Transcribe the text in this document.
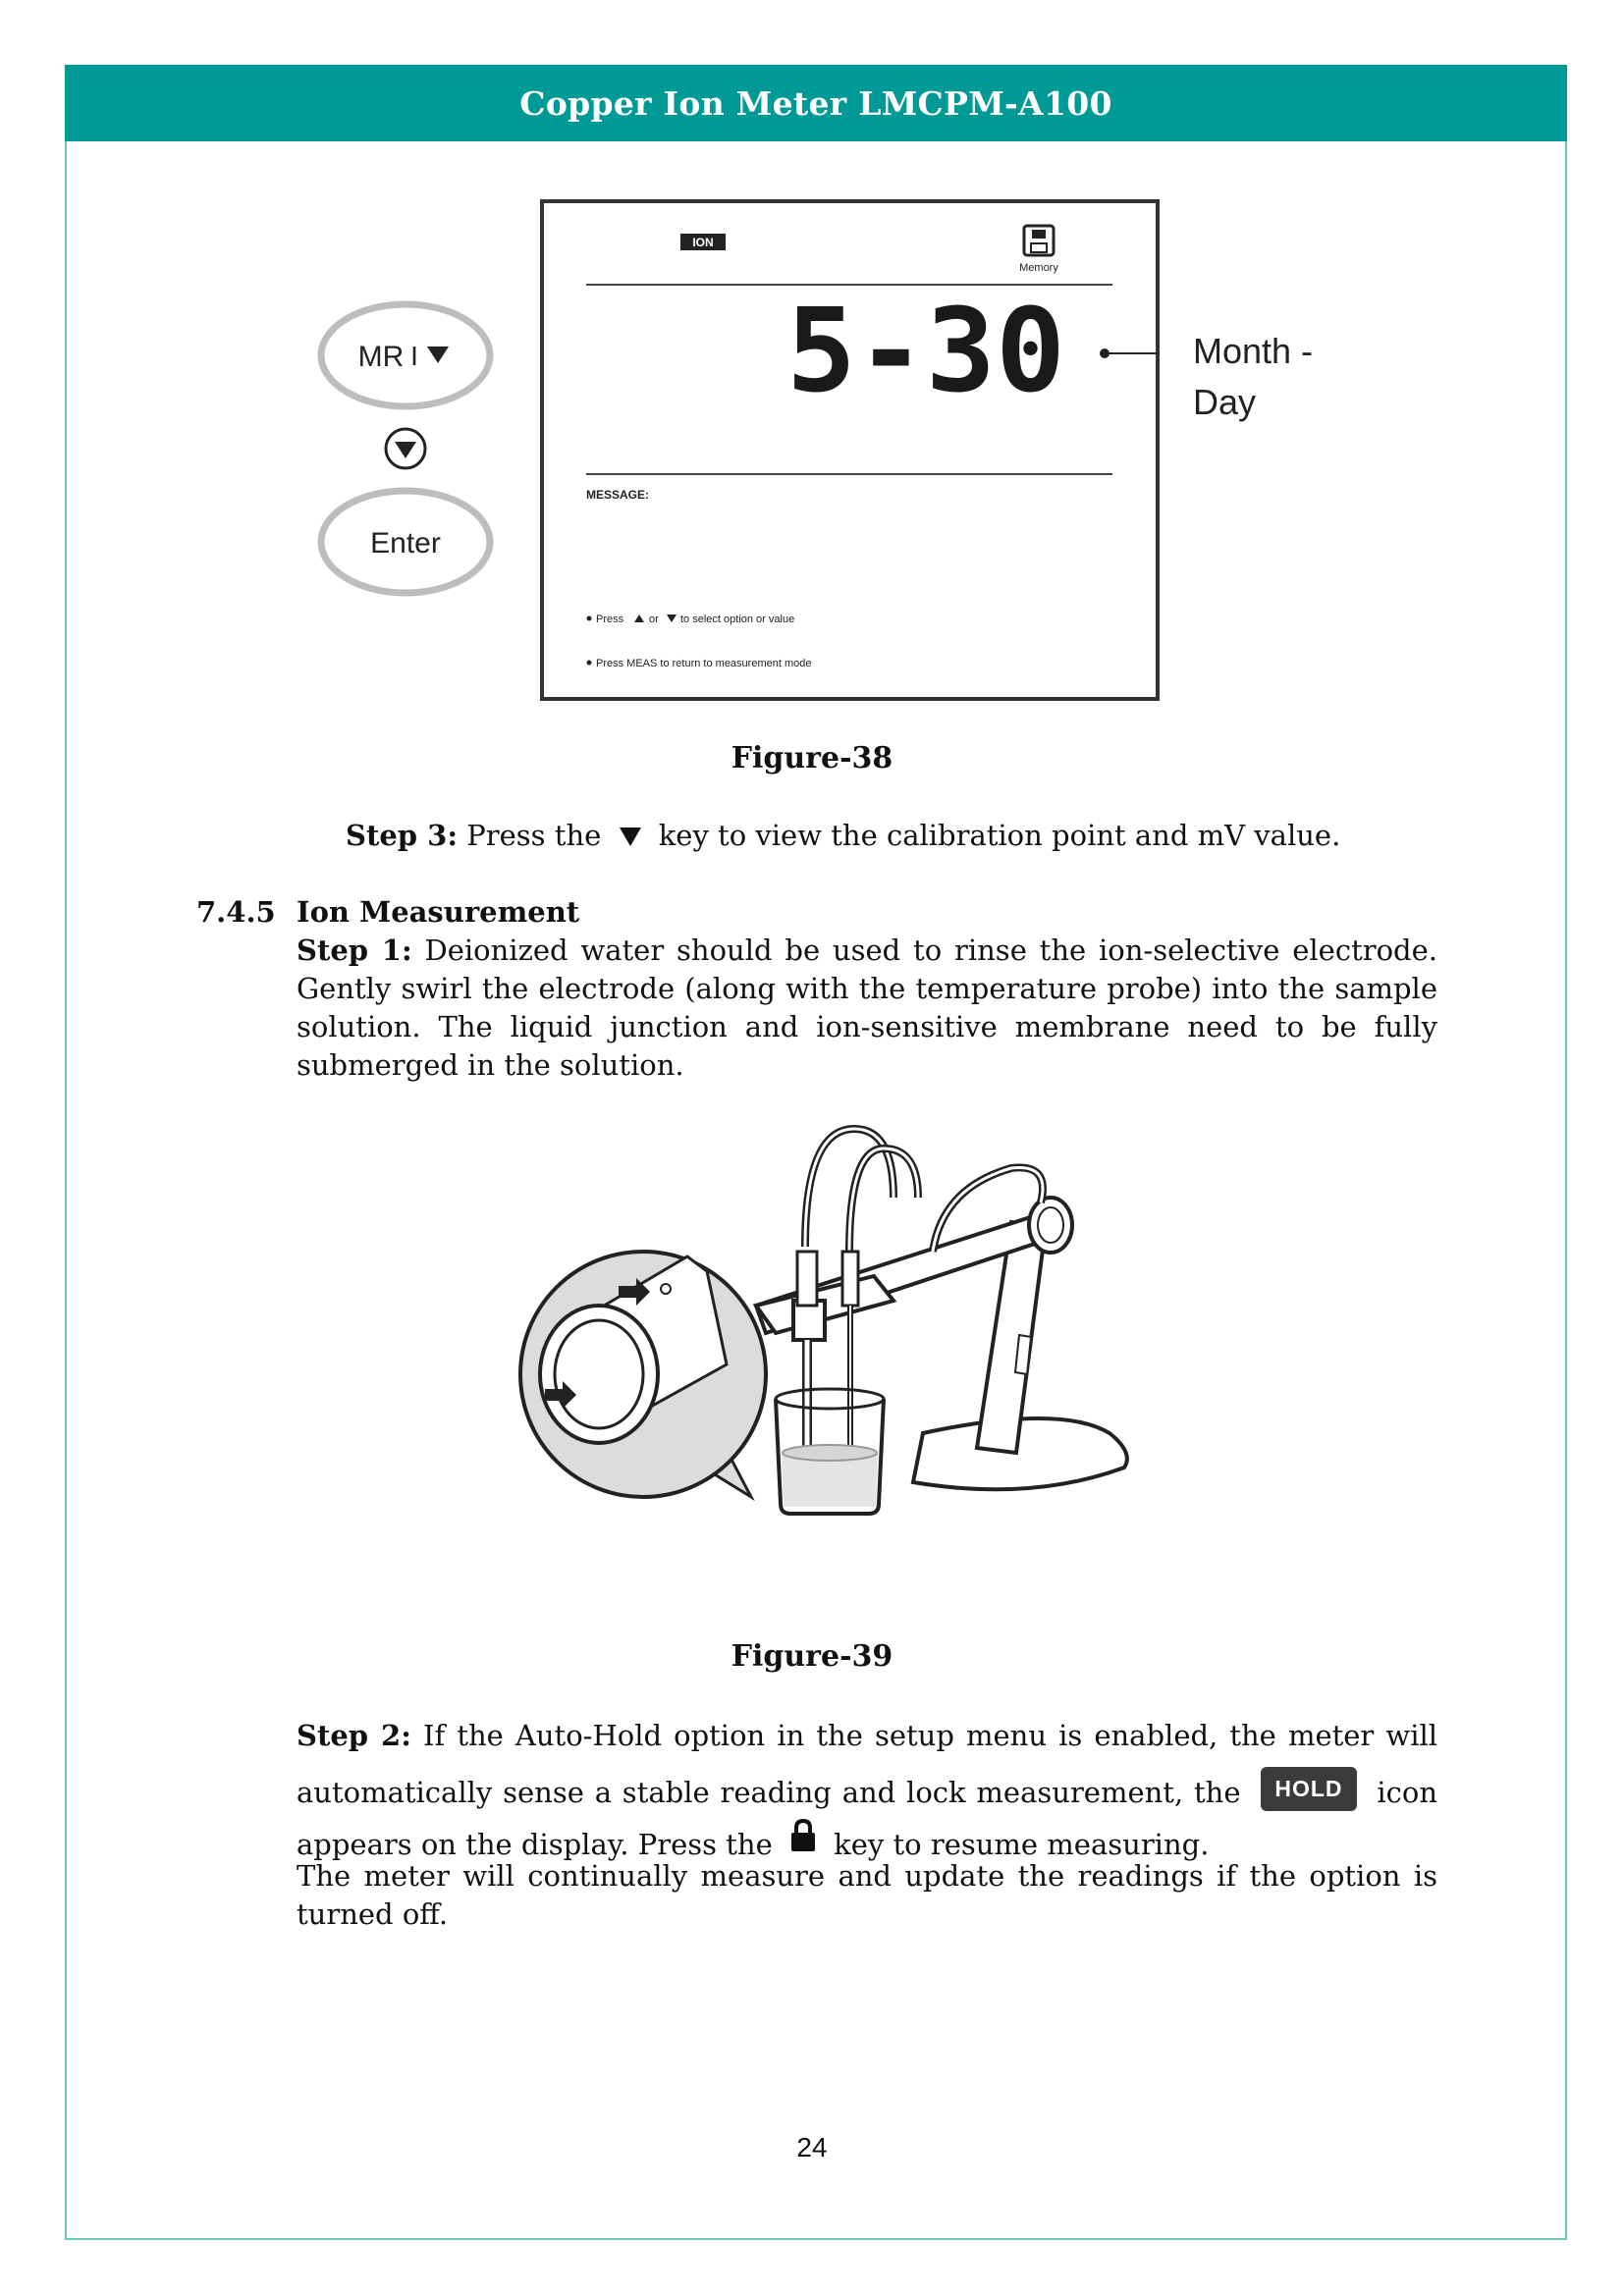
Copper Ion Meter LMCPM-A100
MR I
Enter
ION
Memory
5-30
MESSAGE:
Press or to select option or value
Press MEAS to return to measurement mode
Month -
Day
Figure-38
Step 3: Press the key to view the calibration point and mV value.
7.4.5 Ion Measurement
Step 1: Deionized water should be used to rinse the ion-selective electrode. Gently swirl the electrode (along with the temperature probe) into the sample solution. The liquid junction and ion-sensitive membrane need to be fully submerged in the solution.
Figure-39
Step 2: If the Auto-Hold option in the setup menu is enabled, the meter will
automatically sense a stable reading and lock measurement, the HOLD icon
appears on the display. Press the key to resume measuring.
The meter will continually measure and update the readings if the option is turned off.
24
